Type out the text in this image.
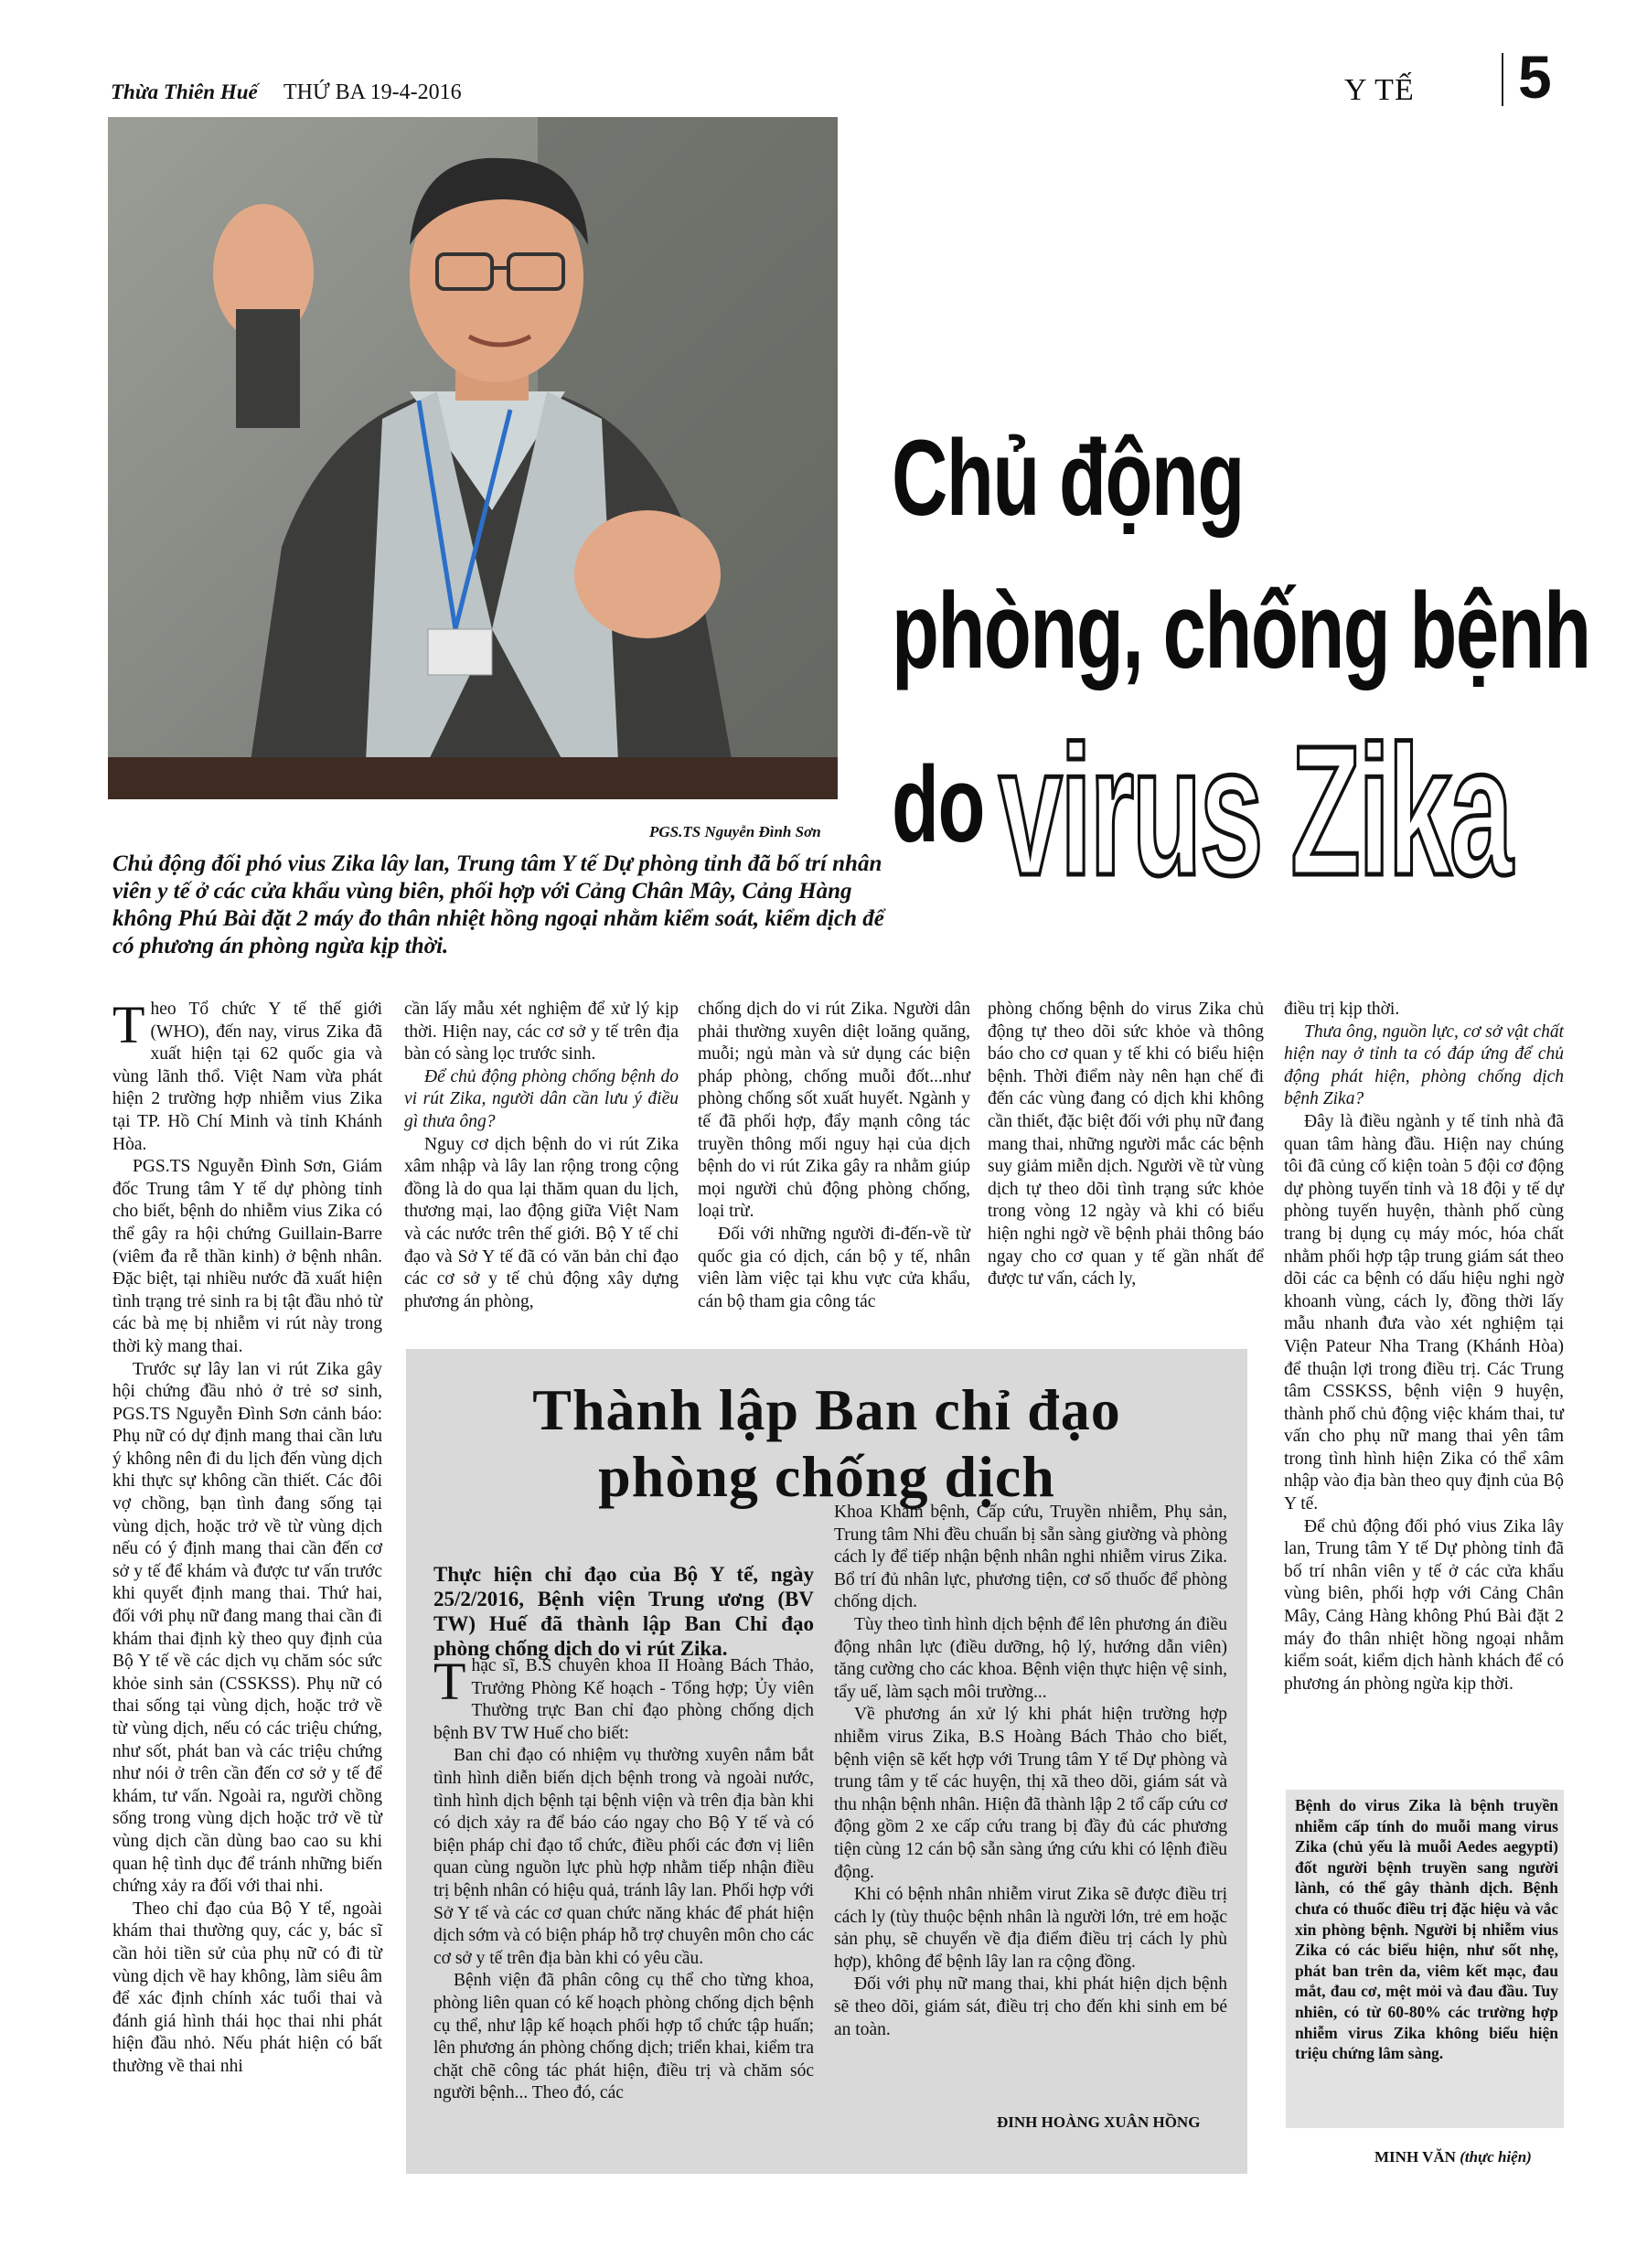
Thừa Thiên Huế THỨ BA 19-4-2016	Y TẾ 5
PGS.TS Nguyễn Đình Sơn
Chủ động
phòng, chống bệnh
do virus Zika
Chủ động đối phó vius Zika lây lan, Trung tâm Y tế Dự phòng tỉnh đã bố trí nhân viên y tế ở các cửa khẩu vùng biên, phối hợp với Cảng Chân Mây, Cảng Hàng không Phú Bài đặt 2 máy đo thân nhiệt hồng ngoại nhằm kiểm soát, kiểm dịch để có phương án phòng ngừa kịp thời.
T heo Tổ chức Y tế thế giới (WHO), đến nay, virus Zika đã xuất hiện tại 62 quốc gia và vùng lãnh thổ. Việt Nam vừa phát hiện 2 trường hợp nhiễm vius Zika tại TP. Hồ Chí Minh và tỉnh Khánh Hòa.

PGS.TS Nguyễn Đình Sơn, Giám đốc Trung tâm Y tế dự phòng tỉnh cho biết, bệnh do nhiễm vius Zika có thể gây ra hội chứng Guillain-Barre (viêm đa rễ thần kinh) ở bệnh nhân. Đặc biệt, tại nhiều nước đã xuất hiện tình trạng trẻ sinh ra bị tật đầu nhỏ từ các bà mẹ bị nhiễm vi rút này trong thời kỳ mang thai.

Trước sự lây lan vi rút Zika gây hội chứng đầu nhỏ ở trẻ sơ sinh, PGS.TS Nguyễn Đình Sơn cảnh báo: Phụ nữ có dự định mang thai cần lưu ý không nên đi du lịch đến vùng dịch khi thực sự không cần thiết. Các đôi vợ chồng, bạn tình đang sống tại vùng dịch, hoặc trở về từ vùng dịch nếu có ý định mang thai cần đến cơ sở y tế để khám và được tư vấn trước khi quyết định mang thai. Thứ hai, đối với phụ nữ đang mang thai cần đi khám thai định kỳ theo quy định của Bộ Y tế về các dịch vụ chăm sóc sức khỏe sinh sản (CSSKSS). Phụ nữ có thai sống tại vùng dịch, hoặc trở về từ vùng dịch, nếu có các triệu chứng, như sốt, phát ban và các triệu chứng như nói ở trên cần đến cơ sở y tế để khám, tư vấn. Ngoài ra, người chồng sống trong vùng dịch hoặc trở về từ vùng dịch cần dùng bao cao su khi quan hệ tình dục để tránh những biến chứng xảy ra đối với thai nhi.

Theo chỉ đạo của Bộ Y tế, ngoài khám thai thường quy, các y, bác sĩ cần hỏi tiền sử của phụ nữ có đi từ vùng dịch về hay không, làm siêu âm để xác định chính xác tuổi thai và đánh giá hình thái học thai nhi phát hiện đầu nhỏ. Nếu phát hiện có bất thường về thai nhi

cần lấy mẫu xét nghiệm để xử lý kịp thời. Hiện nay, các cơ sở y tế trên địa bàn có sàng lọc trước sinh.

Để chủ động phòng chống bệnh do vi rút Zika, người dân cần lưu ý điều gì thưa ông?

Nguy cơ dịch bệnh do vi rút Zika xâm nhập và lây lan rộng trong cộng đồng là do qua lại thăm quan du lịch, thương mại, lao động giữa Việt Nam và các nước trên thế giới. Bộ Y tế chỉ đạo và Sở Y tế đã có văn bản chỉ đạo các cơ sở y tế chủ động xây dựng phương án phòng,

chống dịch do vi rút Zika. Người dân phải thường xuyên diệt loăng quăng, muỗi; ngủ màn và sử dụng các biện pháp phòng, chống muỗi đốt...như phòng chống sốt xuất huyết. Ngành y tế đã phối hợp, đẩy mạnh công tác truyền thông mối nguy hại của dịch bệnh do vi rút Zika gây ra nhằm giúp mọi người chủ động phòng chống, loại trừ.

Đối với những người đi-đến-về từ quốc gia có dịch, cán bộ y tế, nhân viên làm việc tại khu vực cửa khẩu, cán bộ tham gia công tác

phòng chống bệnh do virus Zika chủ động tự theo dõi sức khỏe và thông báo cho cơ quan y tế khi có biểu hiện bệnh. Thời điểm này nên hạn chế đi đến các vùng đang có dịch khi không cần thiết, đặc biệt đối với phụ nữ đang mang thai, những người mắc các bệnh suy giảm miễn dịch. Người về từ vùng dịch tự theo dõi tình trạng sức khỏe trong vòng 12 ngày và khi có biểu hiện nghi ngờ về bệnh phải thông báo ngay cho cơ quan y tế gần nhất để được tư vấn, cách ly,

điều trị kịp thời.

Thưa ông, nguồn lực, cơ sở vật chất hiện nay ở tỉnh ta có đáp ứng để chủ động phát hiện, phòng chống dịch bệnh Zika?

Đây là điều ngành y tế tỉnh nhà đã quan tâm hàng đầu. Hiện nay chúng tôi đã củng cố kiện toàn 5 đội cơ động dự phòng tuyến tỉnh và 18 đội y tế dự phòng tuyến huyện, thành phố cùng trang bị dụng cụ máy móc, hóa chất nhằm phối hợp tập trung giám sát theo dõi các ca bệnh có dấu hiệu nghi ngờ khoanh vùng, cách ly, đồng thời lấy mẫu nhanh đưa vào xét nghiệm tại Viện Pateur Nha Trang (Khánh Hòa) để thuận lợi trong điều trị. Các Trung tâm CSSKSS, bệnh viện 9 huyện, thành phố chủ động việc khám thai, tư vấn cho phụ nữ mang thai yên tâm trong tình hình hiện Zika có thể xâm nhập vào địa bàn theo quy định của Bộ Y tế.

Để chủ động đối phó vius Zika lây lan, Trung tâm Y tế Dự phòng tỉnh đã bố trí nhân viên y tế ở các cửa khẩu vùng biên, phối hợp với Cảng Chân Mây, Cảng Hàng không Phú Bài đặt 2 máy đo thân nhiệt hồng ngoại nhằm kiểm soát, kiểm dịch hành khách để có phương án phòng ngừa kịp thời.

Thành lập Ban chỉ đạo
phòng chống dịch
Thực hiện chỉ đạo của Bộ Y tế, ngày 25/2/2016, Bệnh viện Trung ương (BV TW) Huế đã thành lập Ban Chỉ đạo phòng chống dịch do vi rút Zika.
T hạc sĩ, B.S chuyên khoa II Hoàng Bách Thảo, Trưởng Phòng Kế hoạch - Tổng hợp; Ủy viên Thường trực Ban chỉ đạo phòng chống dịch bệnh BV TW Huế cho biết:

Ban chỉ đạo có nhiệm vụ thường xuyên nắm bắt tình hình diễn biến dịch bệnh trong và ngoài nước, tình hình dịch bệnh tại bệnh viện và trên địa bàn khi có dịch xảy ra để báo cáo ngay cho Bộ Y tế và có biện pháp chỉ đạo tổ chức, điều phối các đơn vị liên quan cùng nguồn lực phù hợp nhằm tiếp nhận điều trị bệnh nhân có hiệu quả, tránh lây lan. Phối hợp với Sở Y tế và các cơ quan chức năng khác để phát hiện dịch sớm và có biện pháp hỗ trợ chuyên môn cho các cơ sở y tế trên địa bàn khi có yêu cầu.

Bệnh viện đã phân công cụ thể cho từng khoa, phòng liên quan có kế hoạch phòng chống dịch bệnh cụ thể, như lập kế hoạch phối hợp tổ chức tập huấn; lên phương án phòng chống dịch; triển khai, kiểm tra chặt chẽ công tác phát hiện, điều trị và chăm sóc người bệnh... Theo đó, các

Khoa Khám bệnh, Cấp cứu, Truyền nhiễm, Phụ sản, Trung tâm Nhi đều chuẩn bị sẵn sàng giường và phòng cách ly để tiếp nhận bệnh nhân nghi nhiễm virus Zika. Bổ trí đủ nhân lực, phương tiện, cơ số thuốc để phòng chống dịch.

Tùy theo tình hình dịch bệnh để lên phương án điều động nhân lực (điều dưỡng, hộ lý, hướng dẫn viên) tăng cường cho các khoa. Bệnh viện thực hiện vệ sinh, tẩy uế, làm sạch môi trường...

Về phương án xử lý khi phát hiện trường hợp nhiễm virus Zika, B.S Hoàng Bách Thảo cho biết, bệnh viện sẽ kết hợp với Trung tâm Y tế Dự phòng và trung tâm y tế các huyện, thị xã theo dõi, giám sát và thu nhận bệnh nhân. Hiện đã thành lập 2 tổ cấp cứu cơ động gồm 2 xe cấp cứu trang bị đầy đủ các phương tiện cùng 12 cán bộ sẵn sàng ứng cứu khi có lệnh điều động.

Khi có bệnh nhân nhiễm virut Zika sẽ được điều trị cách ly (tùy thuộc bệnh nhân là người lớn, trẻ em hoặc sản phụ, sẽ chuyển về địa điểm điều trị cách ly phù hợp), không để bệnh lây lan ra cộng đồng.

Đối với phụ nữ mang thai, khi phát hiện dịch bệnh sẽ theo dõi, giám sát, điều trị cho đến khi sinh em bé an toàn.

ĐINH HOÀNG XUÂN HỒNG
Bệnh do virus Zika là bệnh truyền nhiễm cấp tính do muỗi mang virus Zika (chủ yếu là muỗi Aedes aegypti) đốt người bệnh truyền sang người lành, có thể gây thành dịch. Bệnh chưa có thuốc điều trị đặc hiệu và vắc xin phòng bệnh. Người bị nhiễm vius Zika có các biểu hiện, như sốt nhẹ, phát ban trên da, viêm kết mạc, đau mắt, đau cơ, mệt mỏi và đau đầu. Tuy nhiên, có từ 60-80% các trường hợp nhiễm virus Zika không biểu hiện triệu chứng lâm sàng.
MINH VĂN (thực hiện)
